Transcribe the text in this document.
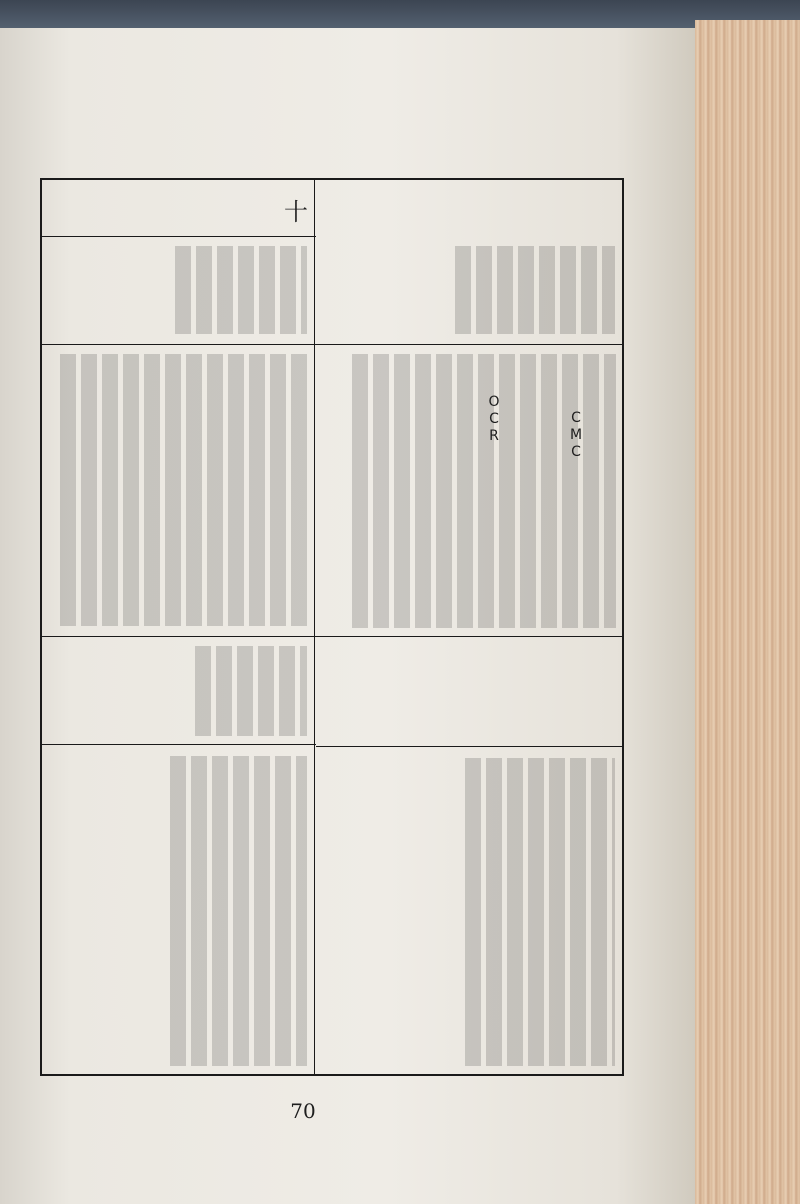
十
OCR	CMC
70
